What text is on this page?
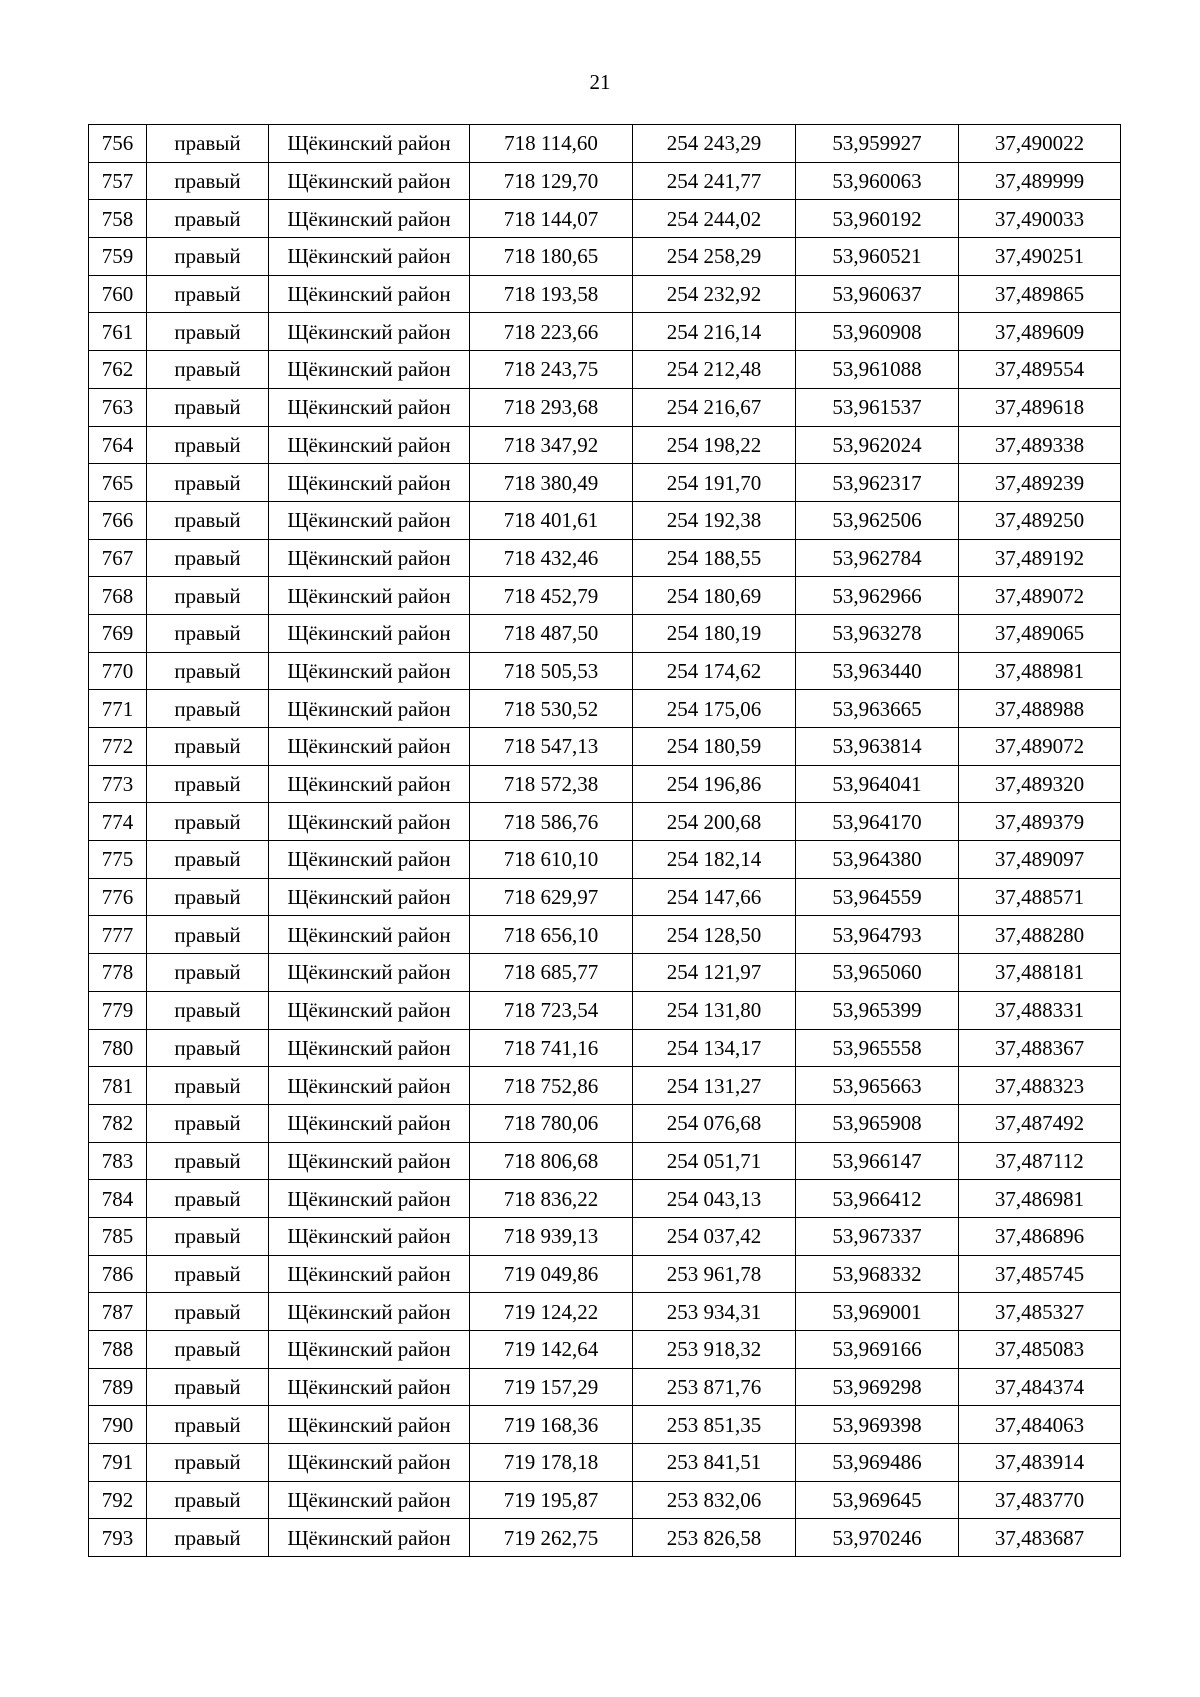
21
756	правый	Щёкинский район	718 114,60	254 243,29	53,959927	37,490022
757	правый	Щёкинский район	718 129,70	254 241,77	53,960063	37,489999
758	правый	Щёкинский район	718 144,07	254 244,02	53,960192	37,490033
759	правый	Щёкинский район	718 180,65	254 258,29	53,960521	37,490251
760	правый	Щёкинский район	718 193,58	254 232,92	53,960637	37,489865
761	правый	Щёкинский район	718 223,66	254 216,14	53,960908	37,489609
762	правый	Щёкинский район	718 243,75	254 212,48	53,961088	37,489554
763	правый	Щёкинский район	718 293,68	254 216,67	53,961537	37,489618
764	правый	Щёкинский район	718 347,92	254 198,22	53,962024	37,489338
765	правый	Щёкинский район	718 380,49	254 191,70	53,962317	37,489239
766	правый	Щёкинский район	718 401,61	254 192,38	53,962506	37,489250
767	правый	Щёкинский район	718 432,46	254 188,55	53,962784	37,489192
768	правый	Щёкинский район	718 452,79	254 180,69	53,962966	37,489072
769	правый	Щёкинский район	718 487,50	254 180,19	53,963278	37,489065
770	правый	Щёкинский район	718 505,53	254 174,62	53,963440	37,488981
771	правый	Щёкинский район	718 530,52	254 175,06	53,963665	37,488988
772	правый	Щёкинский район	718 547,13	254 180,59	53,963814	37,489072
773	правый	Щёкинский район	718 572,38	254 196,86	53,964041	37,489320
774	правый	Щёкинский район	718 586,76	254 200,68	53,964170	37,489379
775	правый	Щёкинский район	718 610,10	254 182,14	53,964380	37,489097
776	правый	Щёкинский район	718 629,97	254 147,66	53,964559	37,488571
777	правый	Щёкинский район	718 656,10	254 128,50	53,964793	37,488280
778	правый	Щёкинский район	718 685,77	254 121,97	53,965060	37,488181
779	правый	Щёкинский район	718 723,54	254 131,80	53,965399	37,488331
780	правый	Щёкинский район	718 741,16	254 134,17	53,965558	37,488367
781	правый	Щёкинский район	718 752,86	254 131,27	53,965663	37,488323
782	правый	Щёкинский район	718 780,06	254 076,68	53,965908	37,487492
783	правый	Щёкинский район	718 806,68	254 051,71	53,966147	37,487112
784	правый	Щёкинский район	718 836,22	254 043,13	53,966412	37,486981
785	правый	Щёкинский район	718 939,13	254 037,42	53,967337	37,486896
786	правый	Щёкинский район	719 049,86	253 961,78	53,968332	37,485745
787	правый	Щёкинский район	719 124,22	253 934,31	53,969001	37,485327
788	правый	Щёкинский район	719 142,64	253 918,32	53,969166	37,485083
789	правый	Щёкинский район	719 157,29	253 871,76	53,969298	37,484374
790	правый	Щёкинский район	719 168,36	253 851,35	53,969398	37,484063
791	правый	Щёкинский район	719 178,18	253 841,51	53,969486	37,483914
792	правый	Щёкинский район	719 195,87	253 832,06	53,969645	37,483770
793	правый	Щёкинский район	719 262,75	253 826,58	53,970246	37,483687
